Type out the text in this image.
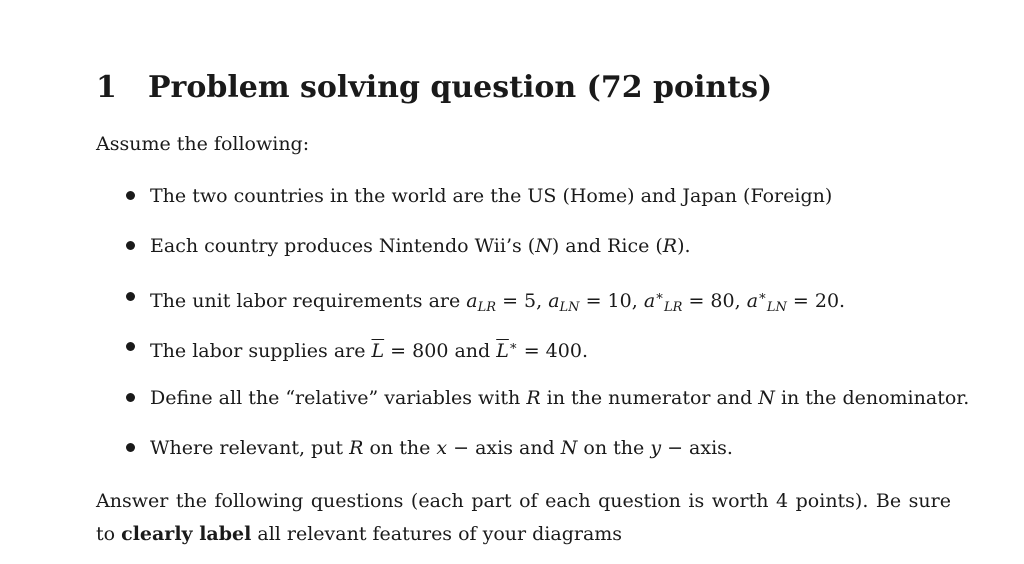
1 Problem solving question (72 points)
Assume the following:
The two countries in the world are the US (Home) and Japan (Foreign)
Each country produces Nintendo Wii’s (N) and Rice (R).
The unit labor requirements are $a_{LR} = 5$, $a_{LN} = 10$, $a^∗_{LR} = 80$, $a^∗_{LN} = 20$.
The labor supplies are $\overline{L} = 800$ and $\overline{L}^∗ = 400$.
Define all the “relative” variables with R in the numerator and N in the denominator.
Where relevant, put R on the x − axis and N on the y − axis.
Answer the following questions (each part of each question is worth 4 points). Be sure to clearly label all relevant features of your diagrams
